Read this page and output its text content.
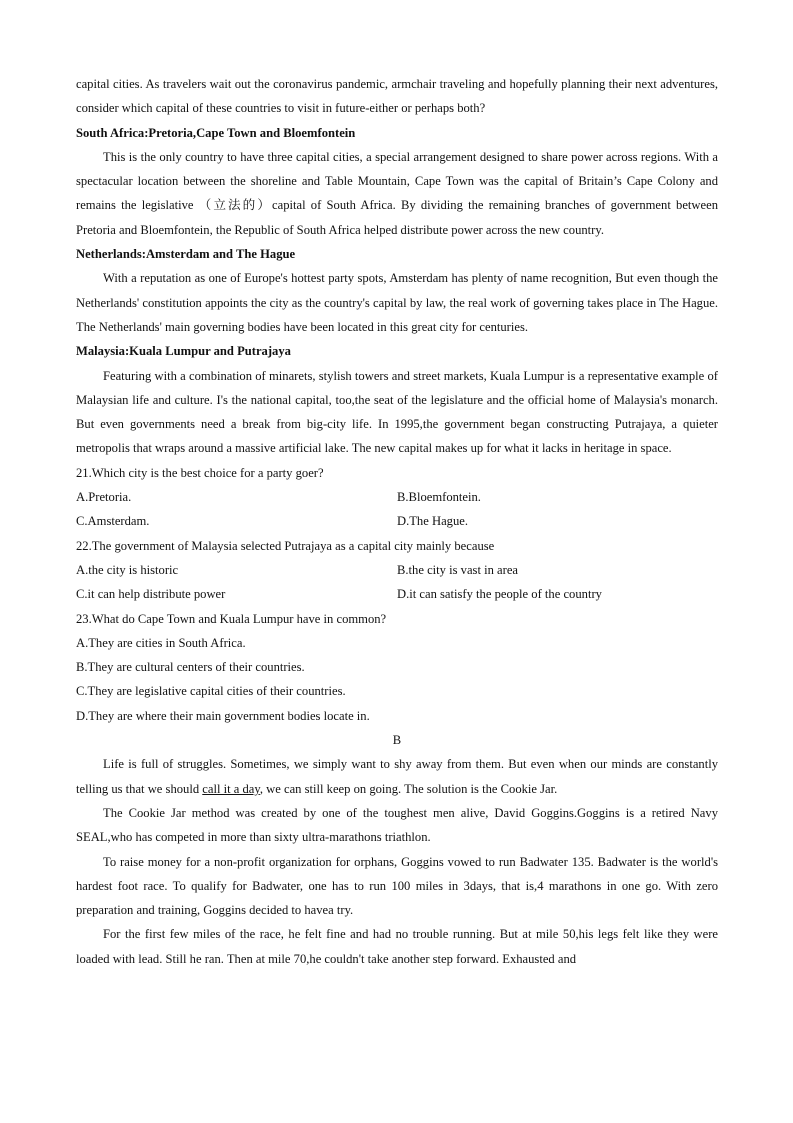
capital cities. As travelers wait out the coronavirus pandemic, armchair traveling and hopefully planning their next adventures, consider which capital of these countries to visit in future-either or perhaps both?

South Africa:Pretoria,Cape Town and Bloemfontein

This is the only country to have three capital cities, a special arrangement designed to share power across regions. With a spectacular location between the shoreline and Table Mountain, Cape Town was the capital of Britain’s Cape Colony and remains the legislative （立法的）capital of South Africa. By dividing the remaining branches of government between Pretoria and Bloemfontein, the Republic of South Africa helped distribute power across the new country.

Netherlands:Amsterdam and The Hague

With a reputation as one of Europe's hottest party spots, Amsterdam has plenty of name recognition, But even though the Netherlands' constitution appoints the city as the country's capital by law, the real work of governing takes place in The Hague. The Netherlands' main governing bodies have been located in this great city for centuries.

Malaysia:Kuala Lumpur and Putrajaya

Featuring with a combination of minarets, stylish towers and street markets, Kuala Lumpur is a representative example of Malaysian life and culture. I's the national capital, too,the seat of the legislature and the official home of Malaysia's monarch. But even governments need a break from big-city life. In 1995,the government began constructing Putrajaya, a quieter metropolis that wraps around a massive artificial lake. The new capital makes up for what it lacks in heritage in space.

21.Which city is the best choice for a party goer?

A.Pretoria.	B.Bloemfontein.
C.Amsterdam.	D.The Hague.

22.The government of Malaysia selected Putrajaya as a capital city mainly because

A.the city is historic	B.the city is vast in area
C.it can help distribute power	D.it can satisfy the people of the country

23.What do Cape Town and Kuala Lumpur have in common?

A.They are cities in South Africa.

B.They are cultural centers of their countries.

C.They are legislative capital cities of their countries.

D.They are where their main government bodies locate in.

B

Life is full of struggles. Sometimes, we simply want to shy away from them. But even when our minds are constantly telling us that we should call it a day, we can still keep on going. The solution is the Cookie Jar.

The Cookie Jar method was created by one of the toughest men alive, David Goggins.Goggins is a retired Navy SEAL,who has competed in more than sixty ultra-marathons triathlon.

To raise money for a non-profit organization for orphans, Goggins vowed to run Badwater 135. Badwater is the world's hardest foot race. To qualify for Badwater, one has to run 100 miles in 3days, that is,4 marathons in one go. With zero preparation and training, Goggins decided to havea try.

For the first few miles of the race, he felt fine and had no trouble running. But at mile 50,his legs felt like they were loaded with lead. Still he ran. Then at mile 70,he couldn't take another step forward. Exhausted and
